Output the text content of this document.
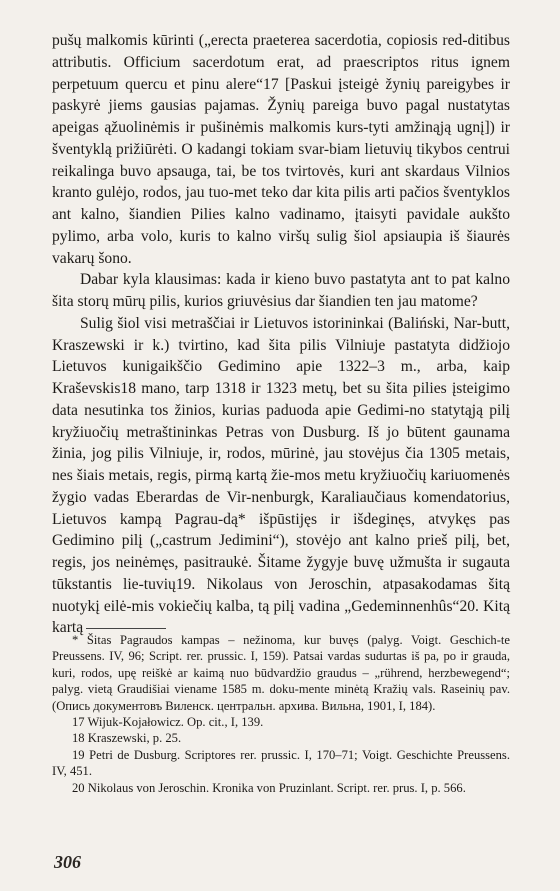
pušų malkomis kūrinti („erecta praeterea sacerdotia, copiosis red-ditibus attributis. Officium sacerdotum erat, ad praescriptos ritus ignem perpetuum quercu et pinu alere“17 [Paskui įsteigė žynių pareigybes ir paskyrė jiems gausias pajamas. Žynių pareiga buvo pagal nustatytas apeigas ąžuolinėmis ir pušinėmis malkomis kurs-tyti amžinąją ugnį]) ir šventyklą prižiūrėti. O kadangi tokiam svar-biam lietuvių tikybos centrui reikalinga buvo apsauga, tai, be tos tvirtovės, kuri ant skardaus Vilnios kranto gulėjo, rodos, jau tuo-met teko dar kita pilis arti pačios šventyklos ant kalno, šiandien Pilies kalno vadinamo, įtaisyti pavidale aukšto pylimo, arba volo, kuris to kalno viršų sulig šiol apsiaupia iš šiaurės vakarų šono.

Dabar kyla klausimas: kada ir kieno buvo pastatyta ant to pat kalno šita storų mūrų pilis, kurios griuvėsius dar šiandien ten jau matome?

Sulig šiol visi metraščiai ir Lietuvos istorininkai (Baliński, Nar-butt, Kraszewski ir k.) tvirtino, kad šita pilis Vilniuje pastatyta didžiojo Lietuvos kunigaikščio Gedimino apie 1322–3 m., arba, kaip Kraševskis18 mano, tarp 1318 ir 1323 metų, bet su šita pilies įsteigimo data nesutinka tos žinios, kurias paduoda apie Gedimi-no statytąją pilį kryžiuočių metraštininkas Petras von Dusburg. Iš jo būtent gaunama žinia, jog pilis Vilniuje, ir, rodos, mūrinė, jau stovėjus čia 1305 metais, nes šiais metais, regis, pirmą kartą žie-mos metu kryžiuočių kariuomenės žygio vadas Eberardas de Vir-nenburgk, Karaliaučiaus komendatorius, Lietuvos kampą Pagrau-dą* išpūstijęs ir išdeginęs, atvykęs pas Gedimino pilį („castrum Jedimini“), stovėjo ant kalno prieš pilį, bet, regis, jos neinėmęs, pasitraukė. Šitame žygyje buvę užmušta ir sugauta tūkstantis lie-tuvių19. Nikolaus von Jeroschin, atpasakodamas šitą nuotykį eilė-mis vokiečių kalba, tą pilį vadina „Gedeminnenhûs“20. Kitą kartą

* Šitas Pagraudos kampas – nežinoma, kur buvęs (palyg. Voigt. Geschich-te Preussens. IV, 96; Script. rer. prussic. I, 159). Patsai vardas sudurtas iš pa, po ir grauda, kuri, rodos, upę reiškė ar kaimą nuo būdvardžio graudus – „rührend, herzbewegend“; palyg. vietą Graudišiai viename 1585 m. doku-mente minėtą Kražių vals. Raseinių pav. (Опись документовъ Виленск. центральн. архива. Вильна, 1901, I, 184).

17 Wijuk-Kojałowicz. Op. cit., I, 139.

18 Kraszewski, p. 25.

19 Petri de Dusburg. Scriptores rer. prussic. I, 170–71; Voigt. Geschichte Preussens. IV, 451.

20 Nikolaus von Jeroschin. Kronika von Pruzinlant. Script. rer. prus. I, p. 566.

306
